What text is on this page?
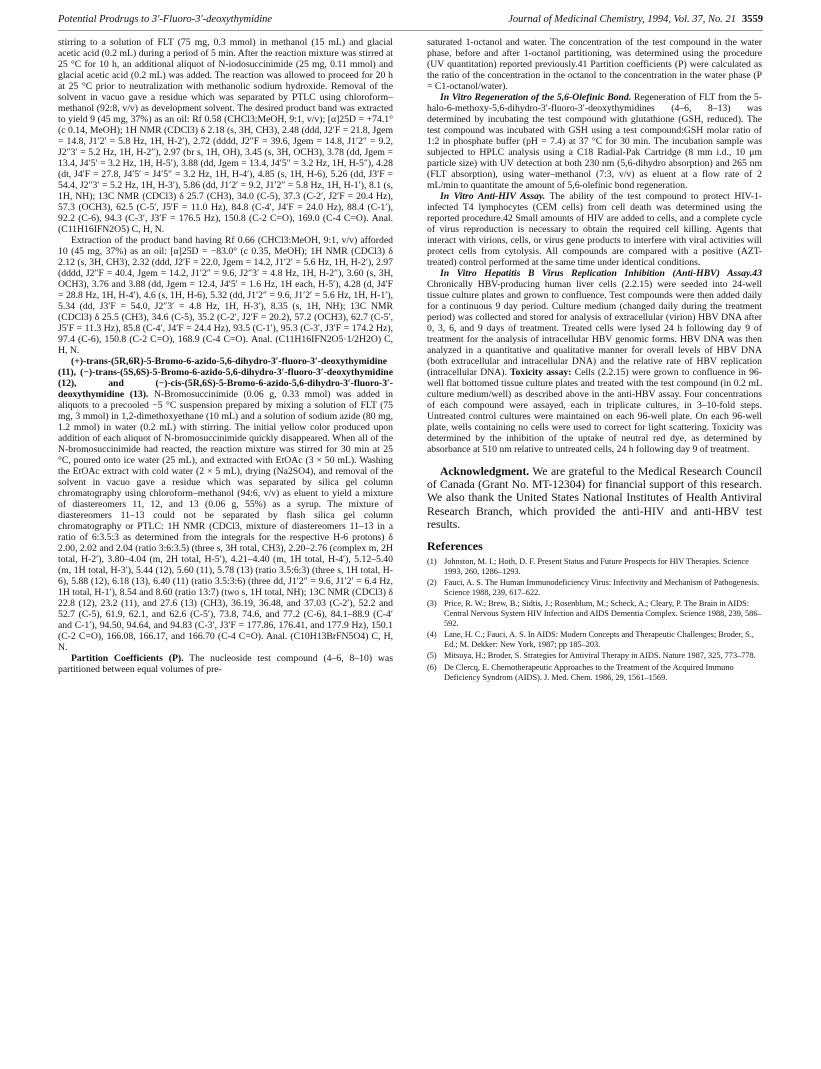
Potential Prodrugs to 3′-Fluoro-3′-deoxythymidine	Journal of Medicinal Chemistry, 1994, Vol. 37, No. 21 3559

stirring to a solution of FLT (75 mg, 0.3 mmol) in methanol (15 mL) and glacial acetic acid (0.2 mL) during a period of 5 min. After the reaction mixture was stirred at 25 °C for 10 h, an additional aliquot of N-iodosuccinimide (25 mg, 0.11 mmol) and glacial acetic acid (0.2 mL) was added. The reaction was allowed to proceed for 20 h at 25 °C prior to neutralization with methanolic sodium hydroxide. Removal of the solvent in vacuo gave a residue which was separated by PTLC using chloroform–methanol (92:8, v/v) as development solvent. The desired product band was extracted to yield 9 (45 mg, 37%) as an oil: Rf 0.58 (CHCl3:MeOH, 9:1, v/v); [α]25D = +74.1° (c 0.14, MeOH); 1H NMR (CDCl3) δ 2.18 (s, 3H, CH3), 2.48 (ddd, J2′F = 21.8, Jgem = 14.8, J1′2′ = 5.8 Hz, 1H, H-2′), 2.72 (dddd, J2″F = 39.6, Jgem = 14.8, J1′2″ = 9.2, J2″3′ = 5.2 Hz, 1H, H-2″), 2.97 (br s, 1H, OH), 3.45 (s, 3H, OCH3), 3.78 (dd, Jgem = 13.4, J4′5′ = 3.2 Hz, 1H, H-5′), 3.88 (dd, Jgem = 13.4, J4′5″ = 3.2 Hz, 1H, H-5″), 4.28 (dt, J4′F = 27.8, J4′5′ = J4′5″ = 3.2 Hz, 1H, H-4′), 4.85 (s, 1H, H-6), 5.26 (dd, J3′F = 54.4, J2″3′ = 5.2 Hz, 1H, H-3′), 5.86 (dd, J1′2′ = 9.2, J1′2″ = 5.8 Hz, 1H, H-1′), 8.1 (s, 1H, NH); 13C NMR (CDCl3) δ 25.7 (CH3), 34.0 (C-5), 37.3 (C-2′, J2′F = 20.4 Hz), 57.3 (OCH3), 62.5 (C-5′, J5′F = 11.0 Hz), 84.8 (C-4′, J4′F = 24.0 Hz), 88.4 (C-1′), 92.2 (C-6), 94.3 (C-3′, J3′F = 176.5 Hz), 150.8 (C-2 C=O), 169.0 (C-4 C=O). Anal. (C11H16IFN2O5) C, H, N.

Extraction of the product band having Rf 0.66 (CHCl3:MeOH, 9:1, v/v) afforded 10 (45 mg, 37%) as an oil: [α]25D = −83.0° (c 0.35, MeOH); 1H NMR (CDCl3) δ 2.12 (s, 3H, CH3), 2.32 (ddd, J2′F = 22.0, Jgem = 14.2, J1′2′ = 5.6 Hz, 1H, H-2′), 2.97 (dddd, J2″F = 40.4, Jgem = 14.2, J1′2″ = 9.6, J2″3′ = 4.8 Hz, 1H, H-2″), 3.60 (s, 3H, OCH3), 3.76 and 3.88 (dd, Jgem = 12.4, J4′5′ = 1.6 Hz, 1H each, H-5′), 4.28 (d, J4′F = 28.8 Hz, 1H, H-4′), 4.6 (s, 1H, H-6), 5.32 (dd, J1′2″ = 9.6, J1′2′ = 5.6 Hz, 1H, H-1′), 5.34 (dd, J3′F = 54.0, J2″3′ = 4.8 Hz, 1H, H-3′), 8.35 (s, 1H, NH); 13C NMR (CDCl3) δ 25.5 (CH3), 34.6 (C-5), 35.2 (C-2′, J2′F = 20.2), 57.2 (OCH3), 62.7 (C-5′, J5′F = 11.3 Hz), 85.8 (C-4′, J4′F = 24.4 Hz), 93.5 (C-1′), 95.3 (C-3′, J3′F = 174.2 Hz), 97.4 (C-6), 150.8 (C-2 C=O), 168.9 (C-4 C=O). Anal. (C11H16IFN2O5·1/2H2O) C, H, N.

(+)-trans-(5R,6R)-5-Bromo-6-azido-5,6-dihydro-3′-fluoro-3′-deoxythymidine (11), (−)-trans-(5S,6S)-5-Bromo-6-azido-5,6-dihydro-3′-fluoro-3′-deoxythymidine (12), and (−)-cis-(5R,6S)-5-Bromo-6-azido-5,6-dihydro-3′-fluoro-3′-deoxythymidine (13). N-Bromosuccinimide (0.06 g, 0.33 mmol) was added in aliquots to a precooled −5 °C suspension prepared by mixing a solution of FLT (75 mg, 3 mmol) in 1,2-dimethoxyethane (10 mL) and a solution of sodium azide (80 mg, 1.2 mmol) in water (0.2 mL) with stirring. The initial yellow color produced upon addition of each aliquot of N-bromosuccinimide quickly disappeared. When all of the N-bromosuccinimide had reacted, the reaction mixture was stirred for 30 min at 25 °C, poured onto ice water (25 mL), and extracted with EtOAc (3 × 50 mL). Washing the EtOAc extract with cold water (2 × 5 mL), drying (Na2SO4), and removal of the solvent in vacuo gave a residue which was separated by silica gel column chromatography using chloroform–methanol (94:6, v/v) as eluent to yield a mixture of diastereomers 11, 12, and 13 (0.06 g, 55%) as a syrup. The mixture of diastereomers 11–13 could not be separated by flash silica gel column chromatography or PTLC: 1H NMR (CDCl3, mixture of diastereomers 11–13 in a ratio of 6:3.5:3 as determined from the integrals for the respective H-6 protons) δ 2.00, 2.02 and 2.04 (ratio 3:6:3.5) (three s, 3H total, CH3), 2.20–2.76 (complex m, 2H total, H-2′), 3.80–4.04 (m, 2H total, H-5′), 4.21–4.40 (m, 1H total, H-4′), 5.12–5.40 (m, 1H total, H-3′), 5.44 (12), 5.60 (11), 5.78 (13) (ratio 3.5:6:3) (three s, 1H total, H-6), 5.88 (12), 6.18 (13), 6.40 (11) (ratio 3.5:3:6) (three dd, J1′2″ = 9.6, J1′2′ = 6.4 Hz, 1H total, H-1′), 8.54 and 8.60 (ratio 13:7) (two s, 1H total, NH); 13C NMR (CDCl3) δ 22.8 (12), 23.2 (11), and 27.6 (13) (CH3), 36.19, 36.48, and 37.03 (C-2′), 52.2 and 52.7 (C-5), 61.9, 62.1, and 62.6 (C-5′), 73.8, 74.6, and 77.2 (C-6), 84.1–88.9 (C-4′ and C-1′), 94.50, 94.64, and 94.83 (C-3′, J3′F = 177.86, 176.41, and 177.9 Hz), 150.1 (C-2 C=O), 166.08, 166.17, and 166.70 (C-4 C=O). Anal. (C10H13BrFN5O4) C, H, N.

Partition Coefficients (P). The nucleoside test compound (4–6, 8–10) was partitioned between equal volumes of pre-

saturated 1-octanol and water. The concentration of the test compound in the water phase, before and after 1-octanol partitioning, was determined using the procedure (UV quantitation) reported previously.41 Partition coefficients (P) were calculated as the ratio of the concentration in the octanol to the concentration in the water phase (P = C1-octanol/water).

In Vitro Regeneration of the 5,6-Olefinic Bond. Regeneration of FLT from the 5-halo-6-methoxy-5,6-dihydro-3′-fluoro-3′-deoxythymidines (4–6, 8–13) was determined by incubating the test compound with glutathione (GSH, reduced). The test compound was incubated with GSH using a test compound:GSH molar ratio of 1:2 in phosphate buffer (pH = 7.4) at 37 °C for 30 min. The incubation sample was subjected to HPLC analysis using a C18 Radial-Pak Cartridge (8 mm i.d., 10 μm particle size) with UV detection at both 230 nm (5,6-dihydro absorption) and 265 nm (FLT absorption), using water–methanol (7:3, v/v) as eluent at a flow rate of 2 mL/min to quantitate the amount of 5,6-olefinic bond regeneration.

In Vitro Anti-HIV Assay. The ability of the test compound to protect HIV-1-infected T4 lymphocytes (CEM cells) from cell death was determined using the reported procedure.42 Small amounts of HIV are added to cells, and a complete cycle of virus reproduction is necessary to obtain the required cell killing. Agents that interact with virions, cells, or virus gene products to interfere with viral activities will protect cells from cytolysis. All compounds are compared with a positive (AZT-treated) control performed at the same time under identical conditions.

In Vitro Hepatitis B Virus Replication Inhibition (Anti-HBV) Assay.43 Chronically HBV-producing human liver cells (2.2.15) were seeded into 24-well tissue culture plates and grown to confluence. Test compounds were then added daily for a continuous 9 day period. Culture medium (changed daily during the treatment period) was collected and stored for analysis of extracellular (virion) HBV DNA after 0, 3, 6, and 9 days of treatment. Treated cells were lysed 24 h following day 9 of treatment for the analysis of intracellular HBV genomic forms. HBV DNA was then analyzed in a quantitative and qualitative manner for overall levels of HBV DNA (both extracellular and intracellular DNA) and the relative rate of HBV replication (intracellular DNA). Toxicity assay: Cells (2.2.15) were grown to confluence in 96-well flat bottomed tissue culture plates and treated with the test compound (in 0.2 mL culture medium/well) as described above in the anti-HBV assay. Four concentrations of each compound were assayed, each in triplicate cultures, in 3–10-fold steps. Untreated control cultures were maintained on each 96-well plate. On each 96-well plate, wells containing no cells were used to correct for light scattering. Toxicity was determined by the inhibition of the uptake of neutral red dye, as determined by absorbance at 510 nm relative to untreated cells, 24 h following day 9 of treatment.

Acknowledgment. We are grateful to the Medical Research Council of Canada (Grant No. MT-12304) for financial support of this research. We also thank the United States National Institutes of Health Antiviral Research Branch, which provided the anti-HIV and anti-HBV test results.

References
(1) Johnston, M. I.; Hoth, D. F. Present Status and Future Prospects for HIV Therapies. Science 1993, 260, 1286–1293.
(2) Fauci, A. S. The Human Immunodeficiency Virus: Infectivity and Mechanism of Pathogenesis. Science 1988, 239, 617–622.
(3) Price, R. W.; Brew, B.; Sidtis, J.; Rosenblum, M.; Scheck, A.; Cleary, P. The Brain in AIDS: Central Nervous System HIV Infection and AIDS Dementia Complex. Science 1988, 239, 586–592.
(4) Lane, H. C.; Fauci, A. S. In AIDS: Modern Concepts and Therapeutic Challenges; Broder, S., Ed.; M. Dekker: New York, 1987; pp 185–203.
(5) Mitsuya, H.; Broder, S. Strategies for Antiviral Therapy in AIDS. Nature 1987, 325, 773–778.
(6) De Clercq, E. Chemotherapeutic Approaches to the Treatment of the Acquired Immuno Deficiency Syndrom (AIDS). J. Med. Chem. 1986, 29, 1561–1569.
